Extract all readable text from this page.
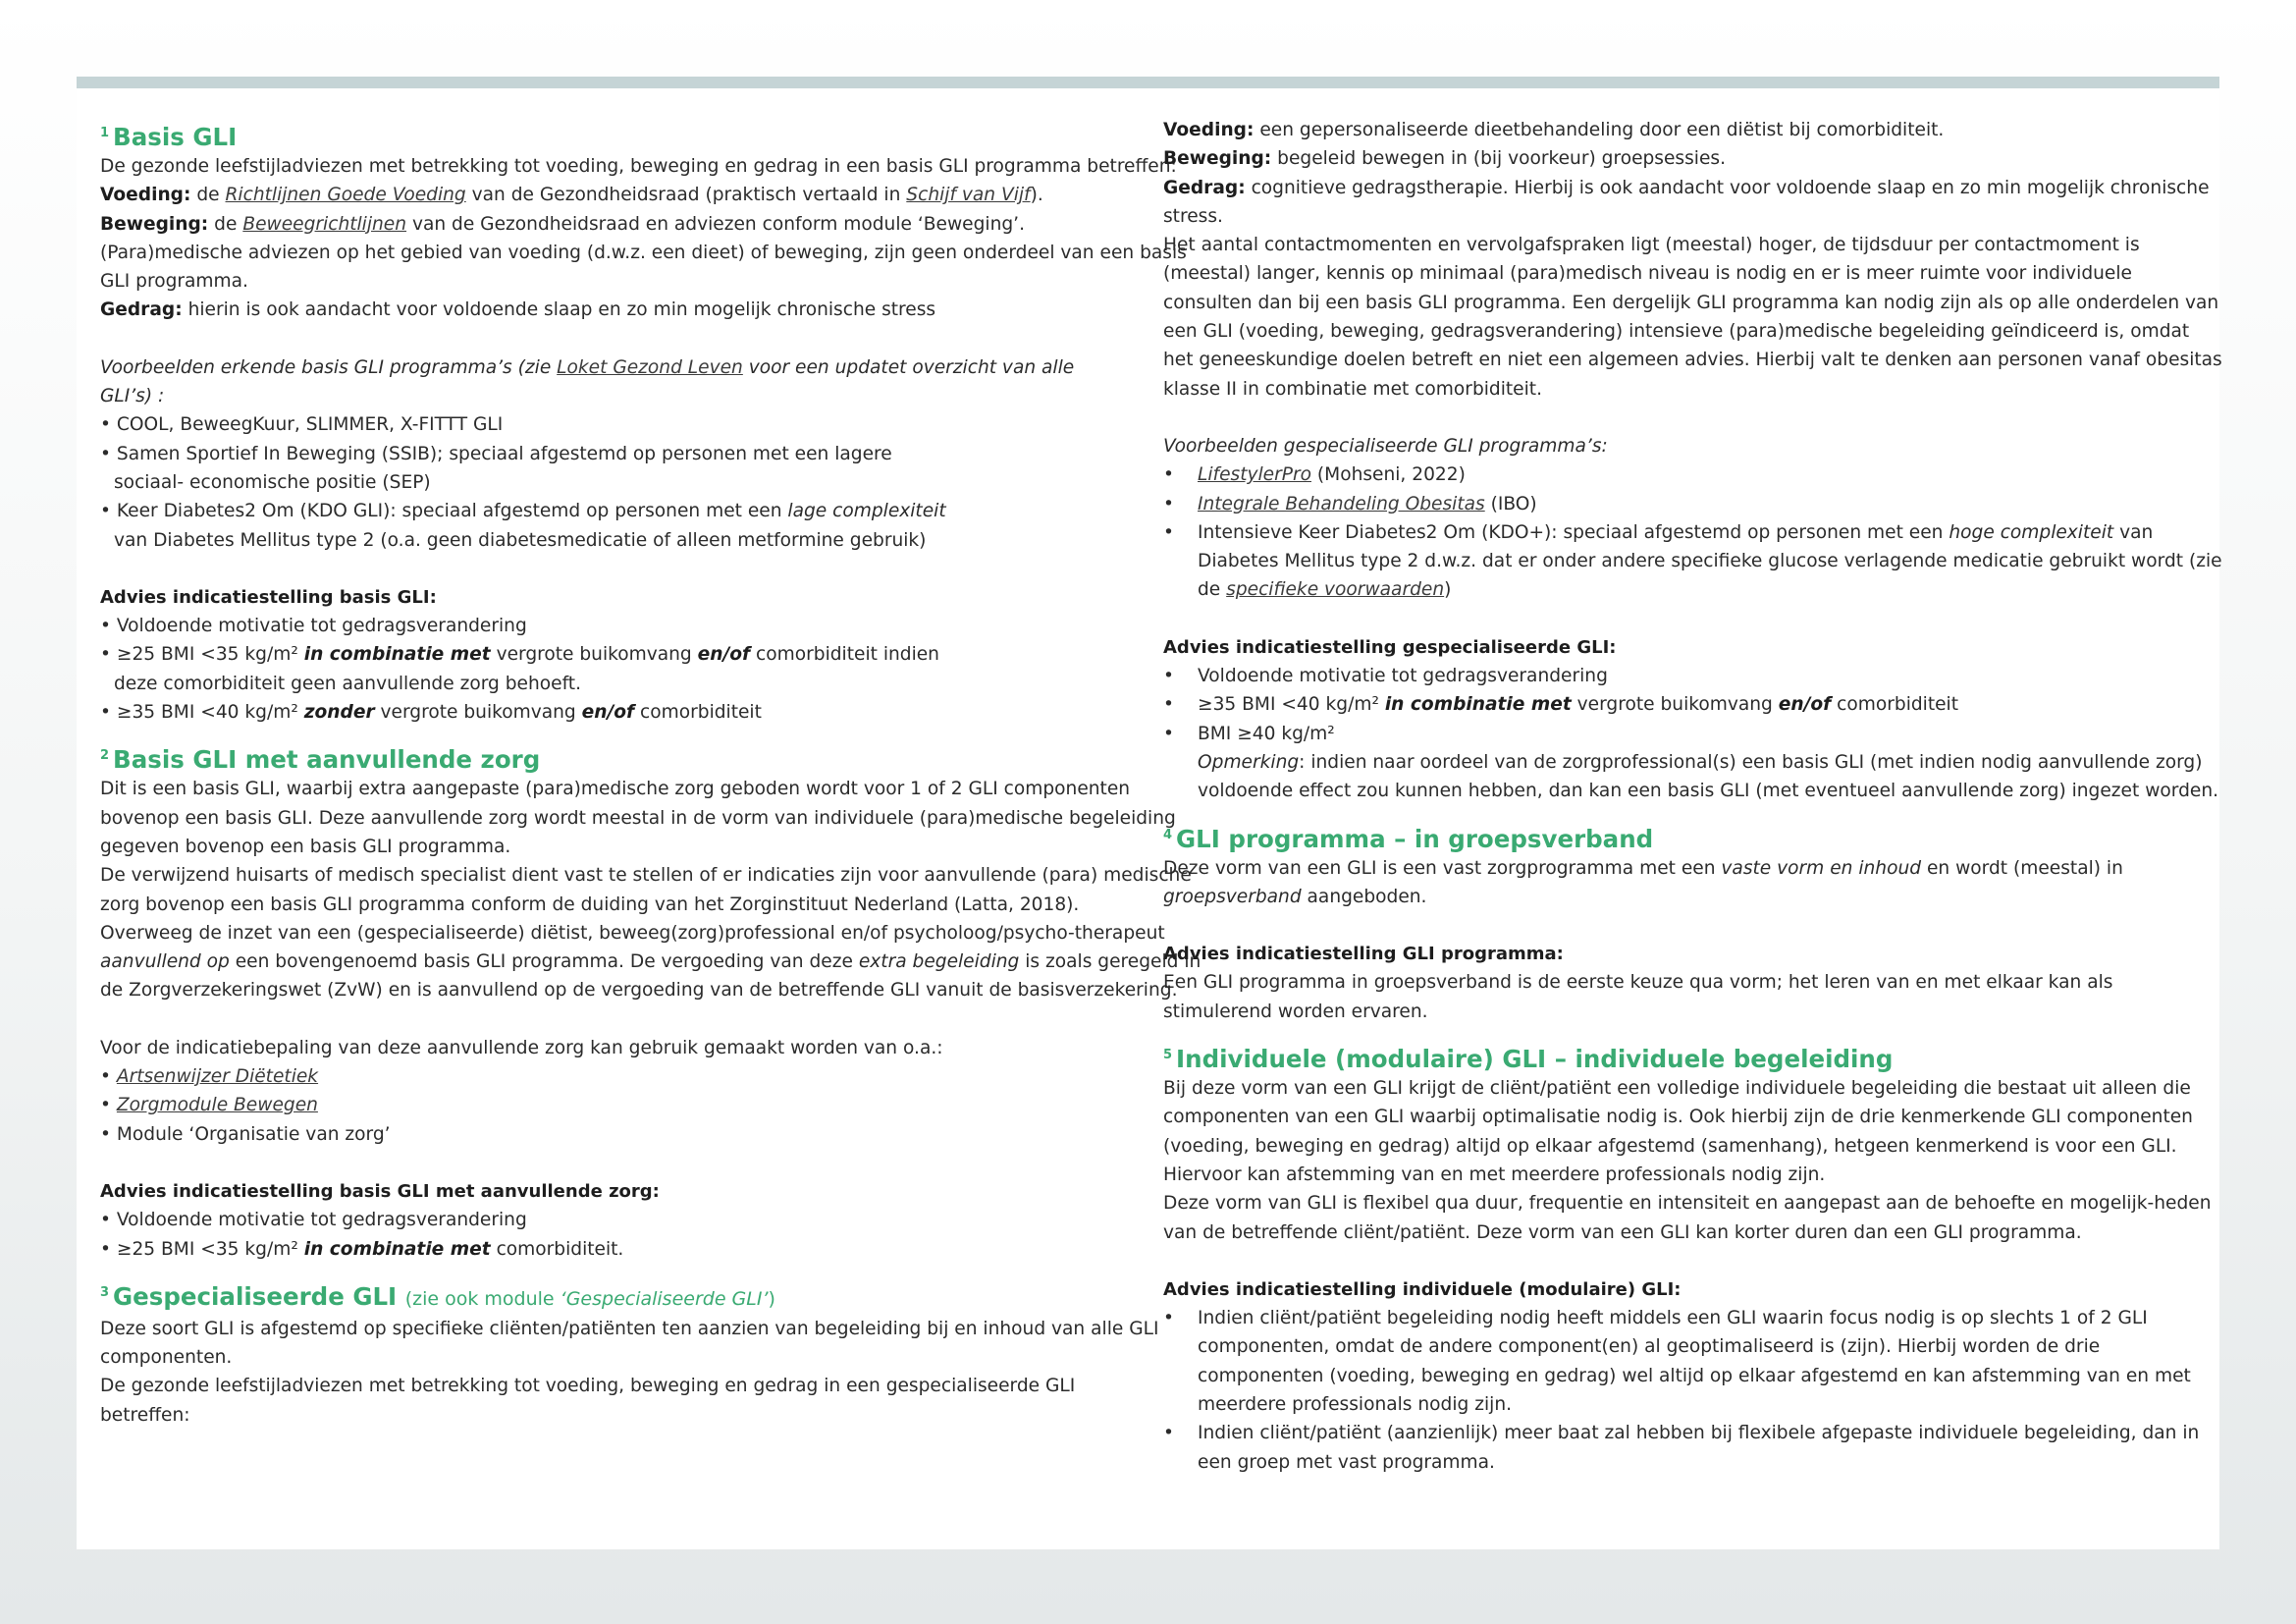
$^1$ Basis GLI

De gezonde leefstijladviezen met betrekking tot voeding, beweging en gedrag in een basis GLI programma betreffen:

Voeding: de Richtlijnen Goede Voeding van de Gezondheidsraad (praktisch vertaald in Schijf van Vijf).

Beweging: de Beweegrichtlijnen van de Gezondheidsraad en adviezen conform module ‘Beweging’.

(Para)medische adviezen op het gebied van voeding (d.w.z. een dieet) of beweging, zijn geen onderdeel van een basis GLI programma.

Gedrag: hierin is ook aandacht voor voldoende slaap en zo min mogelijk chronische stress

Voorbeelden erkende basis GLI programma’s (zie Loket Gezond Leven voor een updatet overzicht van alle GLI’s) :

• COOL, BeweegKuur, SLIMMER, X-FITTT GLI
• Samen Sportief In Beweging (SSIB); speciaal afgestemd op personen met een lagere
sociaal- economische positie (SEP)
• Keer Diabetes2 Om (KDO GLI): speciaal afgestemd op personen met een lage complexiteit
van Diabetes Mellitus type 2 (o.a. geen diabetesmedicatie of alleen metformine gebruik)

Advies indicatiestelling basis GLI:

• Voldoende motivatie tot gedragsverandering
• ≥25 BMI <35 kg/m² in combinatie met vergrote buikomvang en/of comorbiditeit indien
deze comorbiditeit geen aanvullende zorg behoeft.
• ≥35 BMI <40 kg/m² zonder vergrote buikomvang en/of comorbiditeit
$^2$ Basis GLI met aanvullende zorg

Dit is een basis GLI, waarbij extra aangepaste (para)medische zorg geboden wordt voor 1 of 2 GLI componenten bovenop een basis GLI. Deze aanvullende zorg wordt meestal in de vorm van individuele (para)medische begeleiding gegeven bovenop een basis GLI programma.

De verwijzend huisarts of medisch specialist dient vast te stellen of er indicaties zijn voor aanvullende (para) medische zorg bovenop een basis GLI programma conform de duiding van het Zorginstituut Nederland (Latta, 2018).

Overweeg de inzet van een (gespecialiseerde) diëtist, beweeg(zorg)professional en/of psycholoog/psycho-therapeut aanvullend op een bovengenoemd basis GLI programma. De vergoeding van deze extra begeleiding is zoals geregeld in de Zorgverzekeringswet (ZvW) en is aanvullend op de vergoeding van de betreffende GLI vanuit de basisverzekering.

Voor de indicatiebepaling van deze aanvullende zorg kan gebruik gemaakt worden van o.a.:

• Artsenwijzer Diëtetiek
• Zorgmodule Bewegen
• Module ‘Organisatie van zorg’

Advies indicatiestelling basis GLI met aanvullende zorg:

• Voldoende motivatie tot gedragsverandering
• ≥25 BMI <35 kg/m² in combinatie met comorbiditeit.
$^3$ Gespecialiseerde GLI (zie ook module ‘Gespecialiseerde GLI’)

Deze soort GLI is afgestemd op specifieke cliënten/patiënten ten aanzien van begeleiding bij en inhoud van alle GLI componenten.

De gezonde leefstijladviezen met betrekking tot voeding, beweging en gedrag in een gespecialiseerde GLI betreffen:

Voeding: een gepersonaliseerde dieetbehandeling door een diëtist bij comorbiditeit.

Beweging: begeleid bewegen in (bij voorkeur) groepsessies.

Gedrag: cognitieve gedragstherapie. Hierbij is ook aandacht voor voldoende slaap en zo min mogelijk chronische stress.

Het aantal contactmomenten en vervolgafspraken ligt (meestal) hoger, de tijdsduur per contactmoment is (meestal) langer, kennis op minimaal (para)medisch niveau is nodig en er is meer ruimte voor individuele consulten dan bij een basis GLI programma. Een dergelijk GLI programma kan nodig zijn als op alle onderdelen van een GLI (voeding, beweging, gedragsverandering) intensieve (para)medische begeleiding geïndiceerd is, omdat het geneeskundige doelen betreft en niet een algemeen advies. Hierbij valt te denken aan personen vanaf obesitas klasse II in combinatie met comorbiditeit.

Voorbeelden gespecialiseerde GLI programma’s:

• LifestylerPro (Mohseni, 2022)
• Integrale Behandeling Obesitas (IBO)
• Intensieve Keer Diabetes2 Om (KDO+): speciaal afgestemd op personen met een hoge complexiteit van Diabetes Mellitus type 2 d.w.z. dat er onder andere specifieke glucose verlagende medicatie gebruikt wordt (zie de specifieke voorwaarden)

Advies indicatiestelling gespecialiseerde GLI:

• Voldoende motivatie tot gedragsverandering
• ≥35 BMI <40 kg/m² in combinatie met vergrote buikomvang en/of comorbiditeit
• BMI ≥40 kg/m²
Opmerking: indien naar oordeel van de zorgprofessional(s) een basis GLI (met indien nodig aanvullende zorg) voldoende effect zou kunnen hebben, dan kan een basis GLI (met eventueel aanvullende zorg) ingezet worden.
$^4$ GLI programma – in groepsverband

Deze vorm van een GLI is een vast zorgprogramma met een vaste vorm en inhoud en wordt (meestal) in groepsverband aangeboden.

Advies indicatiestelling GLI programma:

Een GLI programma in groepsverband is de eerste keuze qua vorm; het leren van en met elkaar kan als stimulerend worden ervaren.

$^5$ Individuele (modulaire) GLI – individuele begeleiding

Bij deze vorm van een GLI krijgt de cliënt/patiënt een volledige individuele begeleiding die bestaat uit alleen die componenten van een GLI waarbij optimalisatie nodig is. Ook hierbij zijn de drie kenmerkende GLI componenten (voeding, beweging en gedrag) altijd op elkaar afgestemd (samenhang), hetgeen kenmerkend is voor een GLI. Hiervoor kan afstemming van en met meerdere professionals nodig zijn.

Deze vorm van GLI is flexibel qua duur, frequentie en intensiteit en aangepast aan de behoefte en mogelijk-heden van de betreffende cliënt/patiënt. Deze vorm van een GLI kan korter duren dan een GLI programma.

Advies indicatiestelling individuele (modulaire) GLI:

• Indien cliënt/patiënt begeleiding nodig heeft middels een GLI waarin focus nodig is op slechts 1 of 2 GLI componenten, omdat de andere component(en) al geoptimaliseerd is (zijn). Hierbij worden de drie componenten (voeding, beweging en gedrag) wel altijd op elkaar afgestemd en kan afstemming van en met meerdere professionals nodig zijn.
• Indien cliënt/patiënt (aanzienlijk) meer baat zal hebben bij flexibele afgepaste individuele begeleiding, dan in een groep met vast programma.
